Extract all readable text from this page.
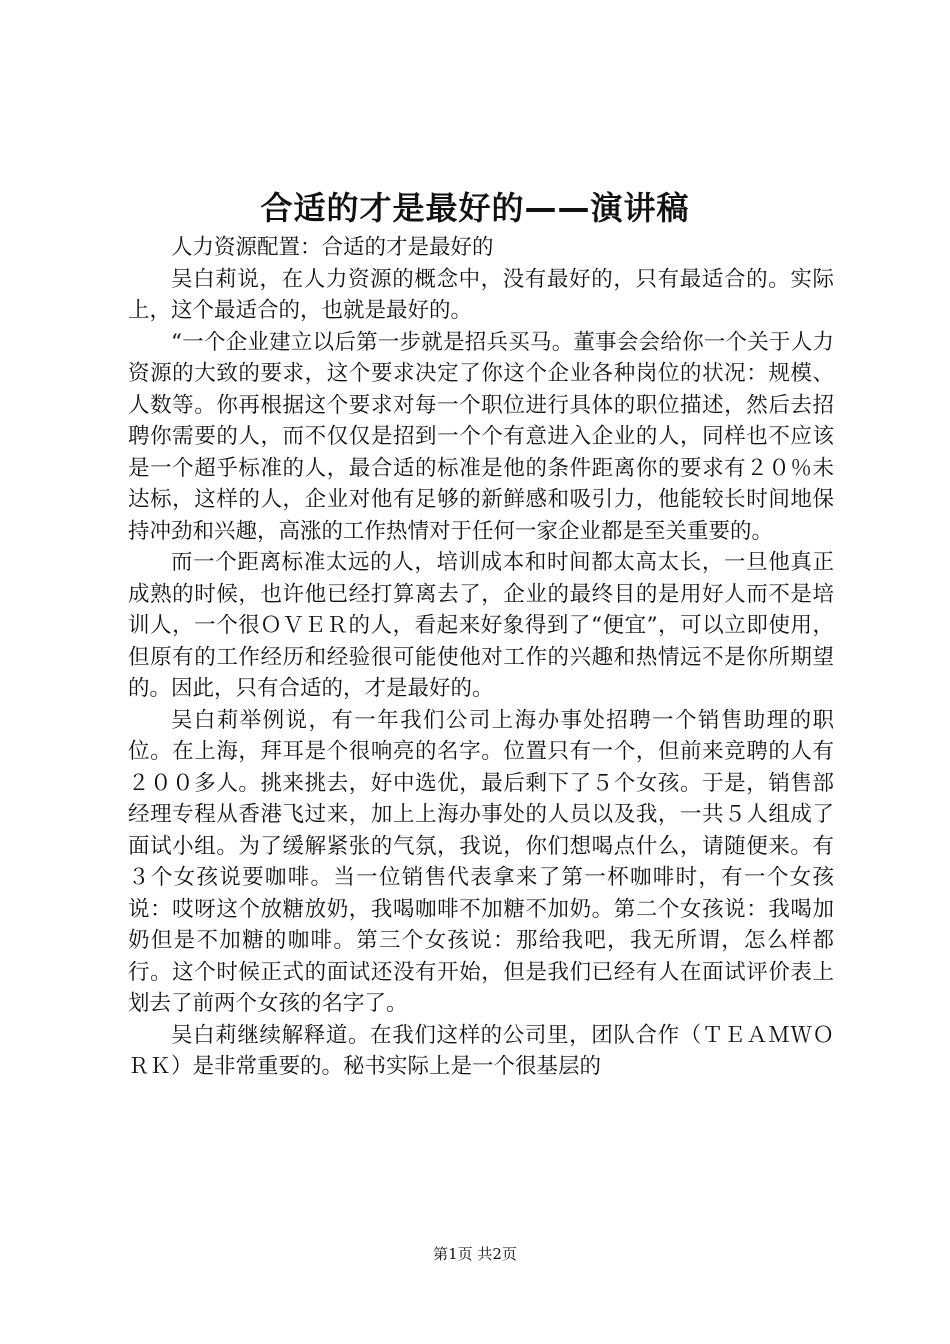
合适的才是最好的——演讲稿

人力资源配置：合适的才是最好的

吴白莉说，在人力资源的概念中，没有最好的，只有最适合的。实际上，这个最适合的，也就是最好的。

“一个企业建立以后第一步就是招兵买马。董事会会给你一个关于人力资源的大致的要求，这个要求决定了你这个企业各种岗位的状况：规模、人数等。你再根据这个要求对每一个职位进行具体的职位描述，然后去招聘你需要的人，而不仅仅是招到一个个有意进入企业的人，同样也不应该是一个超乎标准的人，最合适的标准是他的条件距离你的要求有２０％未达标，这样的人，企业对他有足够的新鲜感和吸引力，他能较长时间地保持冲劲和兴趣，高涨的工作热情对于任何一家企业都是至关重要的。

而一个距离标准太远的人，培训成本和时间都太高太长，一旦他真正成熟的时候，也许他已经打算离去了，企业的最终目的是用好人而不是培训人，一个很ＯＶＥＲ的人，看起来好象得到了“便宜”，可以立即使用，但原有的工作经历和经验很可能使他对工作的兴趣和热情远不是你所期望的。因此，只有合适的，才是最好的。

吴白莉举例说，有一年我们公司上海办事处招聘一个销售助理的职位。在上海，拜耳是个很响亮的名字。位置只有一个，但前来竞聘的人有２００多人。挑来挑去，好中选优，最后剩下了５个女孩。于是，销售部经理专程从香港飞过来，加上上海办事处的人员以及我，一共５人组成了面试小组。为了缓解紧张的气氛，我说，你们想喝点什么，请随便来。有３个女孩说要咖啡。当一位销售代表拿来了第一杯咖啡时，有一个女孩说：哎呀这个放糖放奶，我喝咖啡不加糖不加奶。第二个女孩说：我喝加奶但是不加糖的咖啡。第三个女孩说：那给我吧，我无所谓，怎么样都行。这个时候正式的面试还没有开始，但是我们已经有人在面试评价表上划去了前两个女孩的名字了。

吴白莉继续解释道。在我们这样的公司里，团队合作（ＴＥＡＭＷＯＲＫ）是非常重要的。秘书实际上是一个很基层的

第1页 共2页
